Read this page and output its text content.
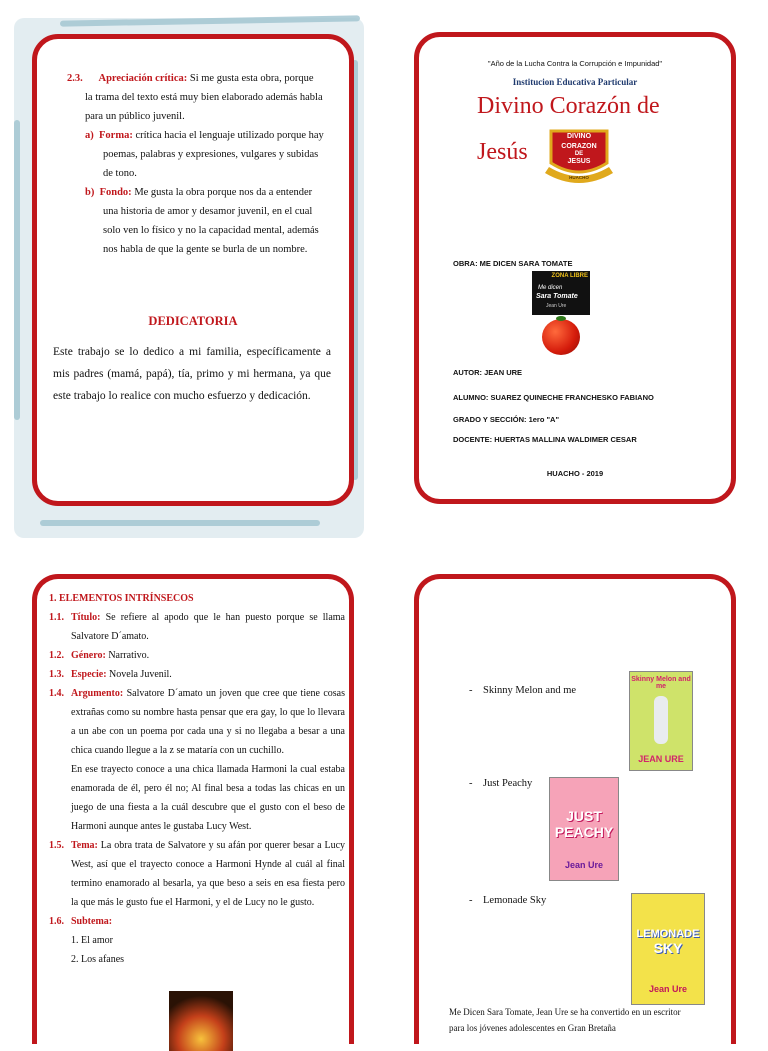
2.3. Apreciación crítica: Si me gusta esta obra, porque
la trama del texto está muy bien elaborado además habla
para un público juvenil.
a) Forma: crítica hacia el lenguaje utilizado porque hay
poemas, palabras y expresiones, vulgares y subidas
de tono.
b) Fondo: Me gusta la obra porque nos da a entender
una historia de amor y desamor juvenil, en el cual
solo ven lo físico y no la capacidad mental, además
nos habla de que la gente se burla de un nombre.
DEDICATORIA
Este trabajo se lo dedico a mi familia, específicamente a mis padres (mamá, papá), tía, primo y mi hermana, ya que este trabajo lo realice con mucho esfuerzo y dedicación.
"Año de la Lucha Contra la Corrupción e Impunidad"
Institucion Educativa Particular
Divino Corazón de
Jesús
DIVINO
CORAZON
DE
JESUS
HUACHO
OBRA: ME DICEN SARA TOMATE
ZONA LIBRE
Me dicen
Sara Tomate
Jean Ure
AUTOR: JEAN URE
ALUMNO: SUAREZ QUINECHE FRANCHESKO FABIANO
GRADO Y SECCIÓN: 1ero "A"
DOCENTE: HUERTAS MALLINA WALDIMER CESAR
HUACHO - 2019
1. ELEMENTOS INTRÍNSECOS
1.1. Título: Se refiere al apodo que le han puesto porque se llama Salvatore D´amato.
1.2. Género: Narrativo.
1.3. Especie: Novela Juvenil.
1.4. Argumento: Salvatore D´amato un joven que cree que tiene cosas extrañas como su nombre hasta pensar que era gay, lo que lo llevara a un abe con un poema por cada una y si no llegaba a besar a una chica cuando llegue a la z se mataría con un cuchillo.
En ese trayecto conoce a una chica llamada Harmoni la cual estaba enamorada de él, pero él no; Al final besa a todas las chicas en un juego de una fiesta a la cuál descubre que el gusto con el beso de Harmoni aunque antes le gustaba Lucy West.
1.5. Tema: La obra trata de Salvatore y su afán por querer besar a Lucy West, así que el trayecto conoce a Harmoni Hynde al cuál al final termino enamorado al besarla, ya que beso a seis en esa fiesta pero la que más le gusto fue el Harmoni, y el de Lucy no le gusto.
1.6. Subtema:
1. El amor
2. Los afanes
-    Skinny Melon and me
Skinny Melon and me
JEAN URE
-    Just Peachy
JUST
PEACHY
Jean Ure
-    Lemonade Sky
LEMONADE
SKY
Jean Ure
Me Dicen Sara Tomate, Jean Ure se ha convertido en un escritor
para los jóvenes adolescentes en Gran Bretaña
